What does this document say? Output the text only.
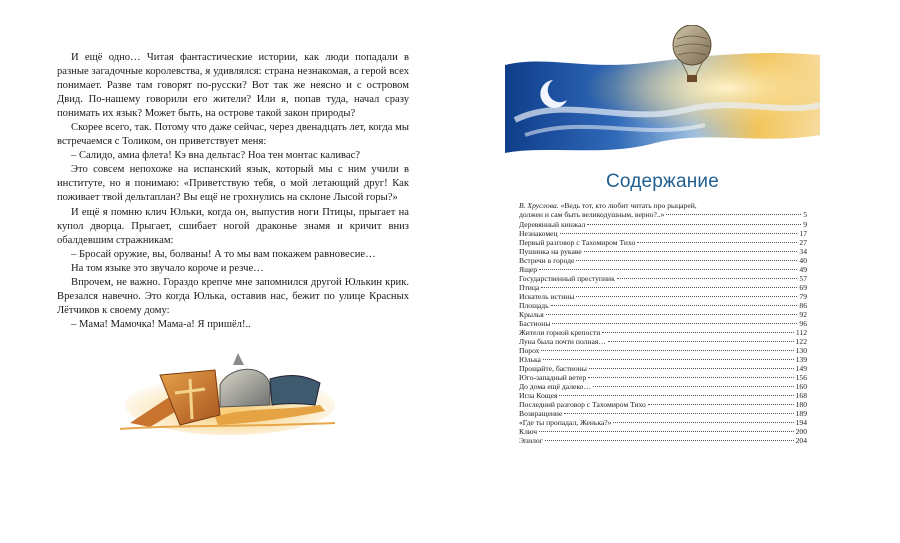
И ещё одно… Читая фантастические истории, как люди попадали в разные загадочные королевства, я удивлялся: страна незнакомая, а герой всех понимает. Разве там говорят по-русски? Вот так же неясно и с островом Двид. По-нашему говорили его жители? Или я, попав туда, начал сразу понимать их язык? Может быть, на острове такой закон природы?

Скорее всего, так. Потому что даже сейчас, через двенадцать лет, когда мы встречаемся с Толиком, он приветствует меня:

– Салидо, амиа флета! Кэ вна дельтас? Ноа тен монтас каливас?

Это совсем непохоже на испанский язык, который мы с ним учили в институте, но я понимаю: «Приветствую тебя, о мой летающий друг! Как поживает твой дельтаплан? Вы ещё не грохнулись на склоне Лысой горы?»

И ещё я помню клич Юльки, когда он, выпустив ноги Птицы, прыгает на купол дворца. Прыгает, сшибает ногой драконье знамя и кричит вниз обалдевшим стражникам:

– Бросай оружие, вы, болваны! А то мы вам покажем равновесие…

На том языке это звучало короче и резче…

Впрочем, не важно. Гораздо крепче мне запомнился другой Юлькин крик. Врезался навечно. Это когда Юлька, оставив нас, бежит по улице Красных Лётчиков к своему дому:

– Мама! Мамочка! Мама-а! Я пришёл!..

Содержание
В. Хруслова. «Ведь тот, кто любит читать про рыцарей,
должен и сам быть великодушным, верно?..»	5
Деревянный кинжал	9
Незнакомец	17
Первый разговор с Тахомиром Тихо	27
Пушинка на рукаве	34
Встречи в городе	40
Ящер	49
Государственный преступник	57
Птица	69
Искатель истины	79
Площадь	86
Крылья	92
Бастионы	96
Жители горной крепости	112
Луна была почти полная…	122
Порох	130
Юлька	139
Прощайте, бастионы	149
Юго-западный ветер	156
До дома ещё далеко…	160
Игла Кощея	168
Последний разговор с Тахомиром Тихо	180
Возвращение	189
«Где ты пропадал, Женька?»	194
Ключ	200
Эпилог	204
